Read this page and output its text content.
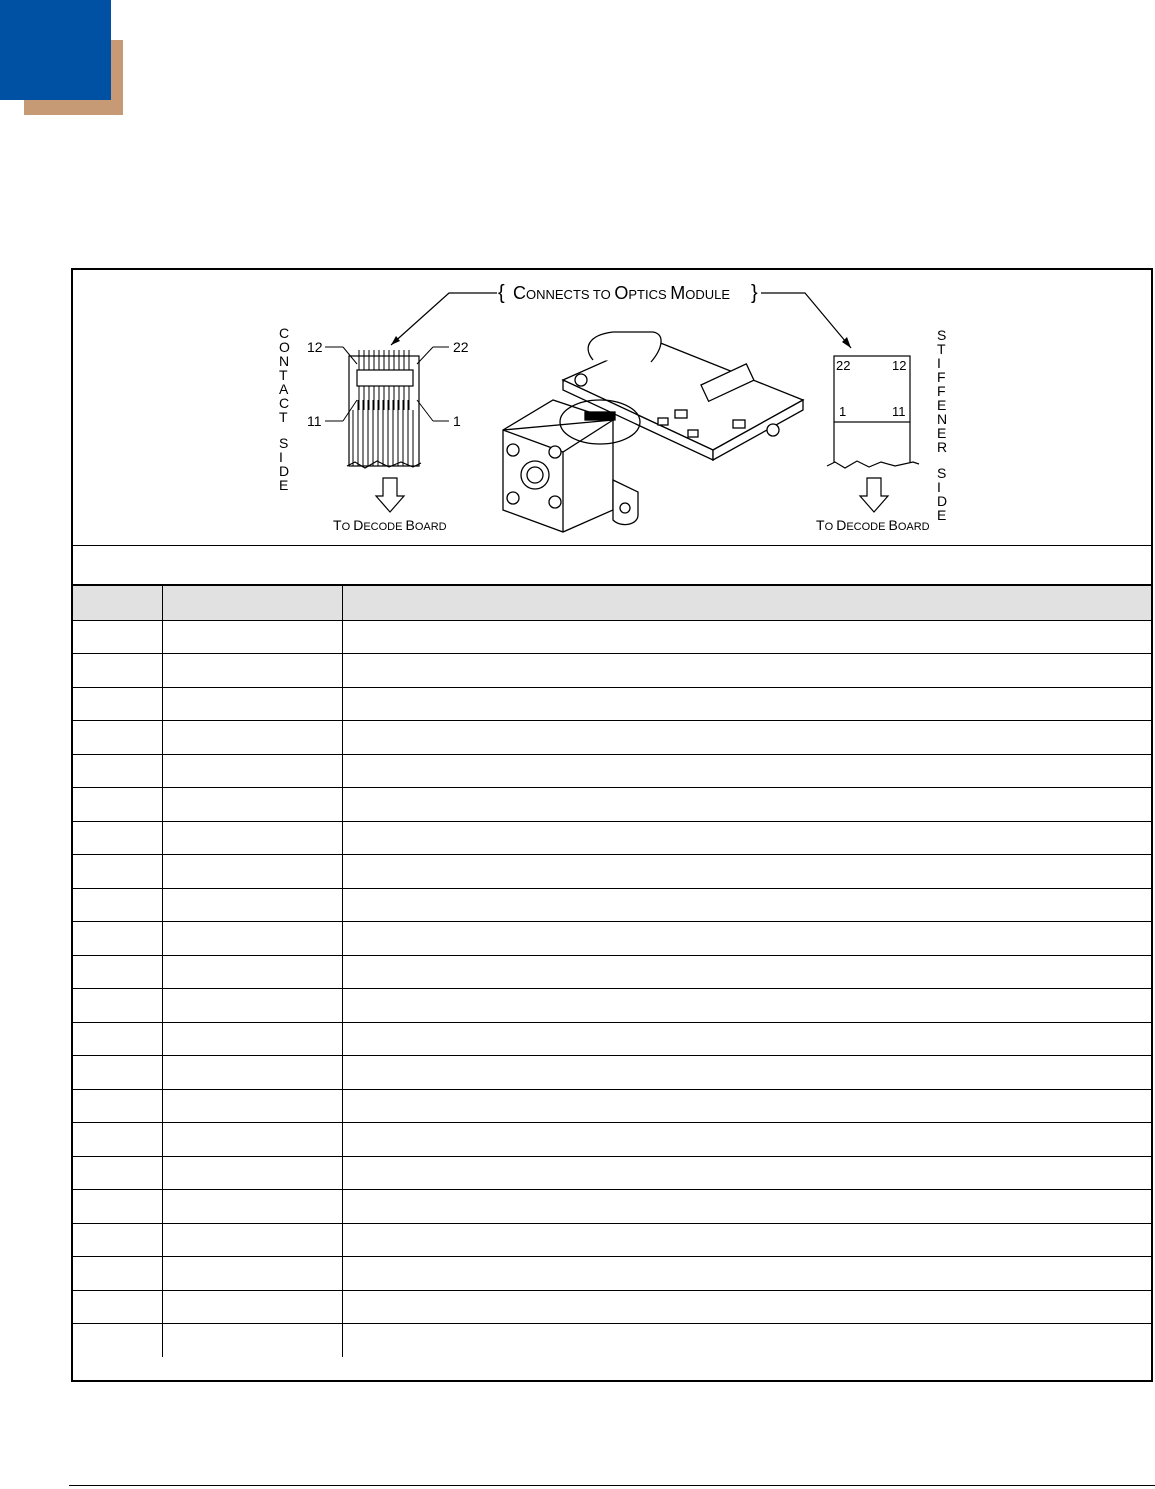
{ CONNECTS TO OPTICS MODULE }
C
O
N
T
A
C
T
S
I
D
E
12	22
11	1
TO DECODE BOARD
22	12
1	11
TO DECODE BOARD
S
T
I
F
F
E
N
E
R
S
I
D
E
